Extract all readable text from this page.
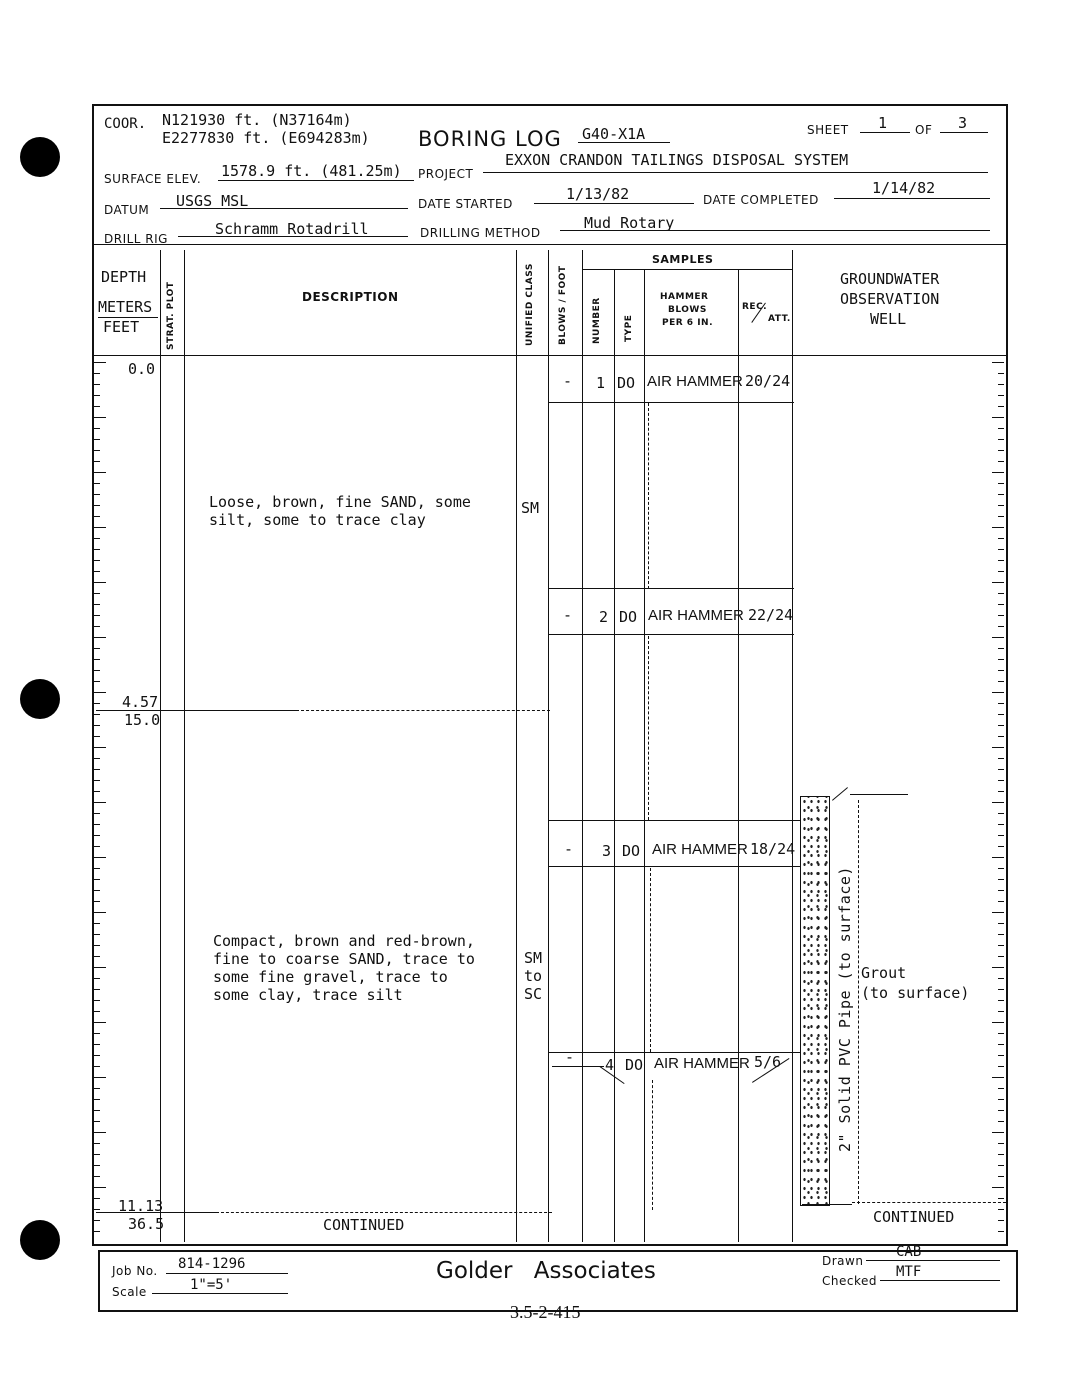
COOR. N121930 ft. (N37164m)
E2277830 ft. (E694283m) BORING LOG G40-X1A	SHEET 1 OF 3
SURFACE ELEV. 1578.9 ft. (481.25m) PROJECT
EXXON CRANDON TAILINGS DISPOSAL SYSTEM
DATUM USGS MSL	DATE STARTED
1/13/82	DATE COMPLETED
1/14/82
DRILL RIG
Schramm Rotadrill	DRILLING METHOD
Mud Rotary
DEPTH
METERS
FEET	STRAT. PLOT	DESCRIPTION	UNIFIED CLASS	BLOWS / FOOT
SAMPLES
NUMBER TYPE
HAMMER
BLOWS
PER 6 IN.
REC.
ATT.
GROUNDWATER
OBSERVATION
WELL
0.0
4.57
15.0
11.13
36.5
Loose, brown, fine SAND, some
silt, some to trace clay
SM
Compact, brown and red-brown,
fine to coarse SAND, trace to
some fine gravel, trace to
some clay, trace silt
SM
to
SC
- 1 DO AIR HAMMER 20/24
- 2 DO AIR HAMMER 22/24
- 3 DO AIR HAMMER 18/24
- 4 DO AIR HAMMER 5/6	2" Solid PVC Pipe (to surface) Grout
(to surface)
CONTINUED	CONTINUED
Job No. 814-1296
Scale	1"=5'
Golder Associates	Drawn
CAB
Checked
MTF
3.5-2-415
